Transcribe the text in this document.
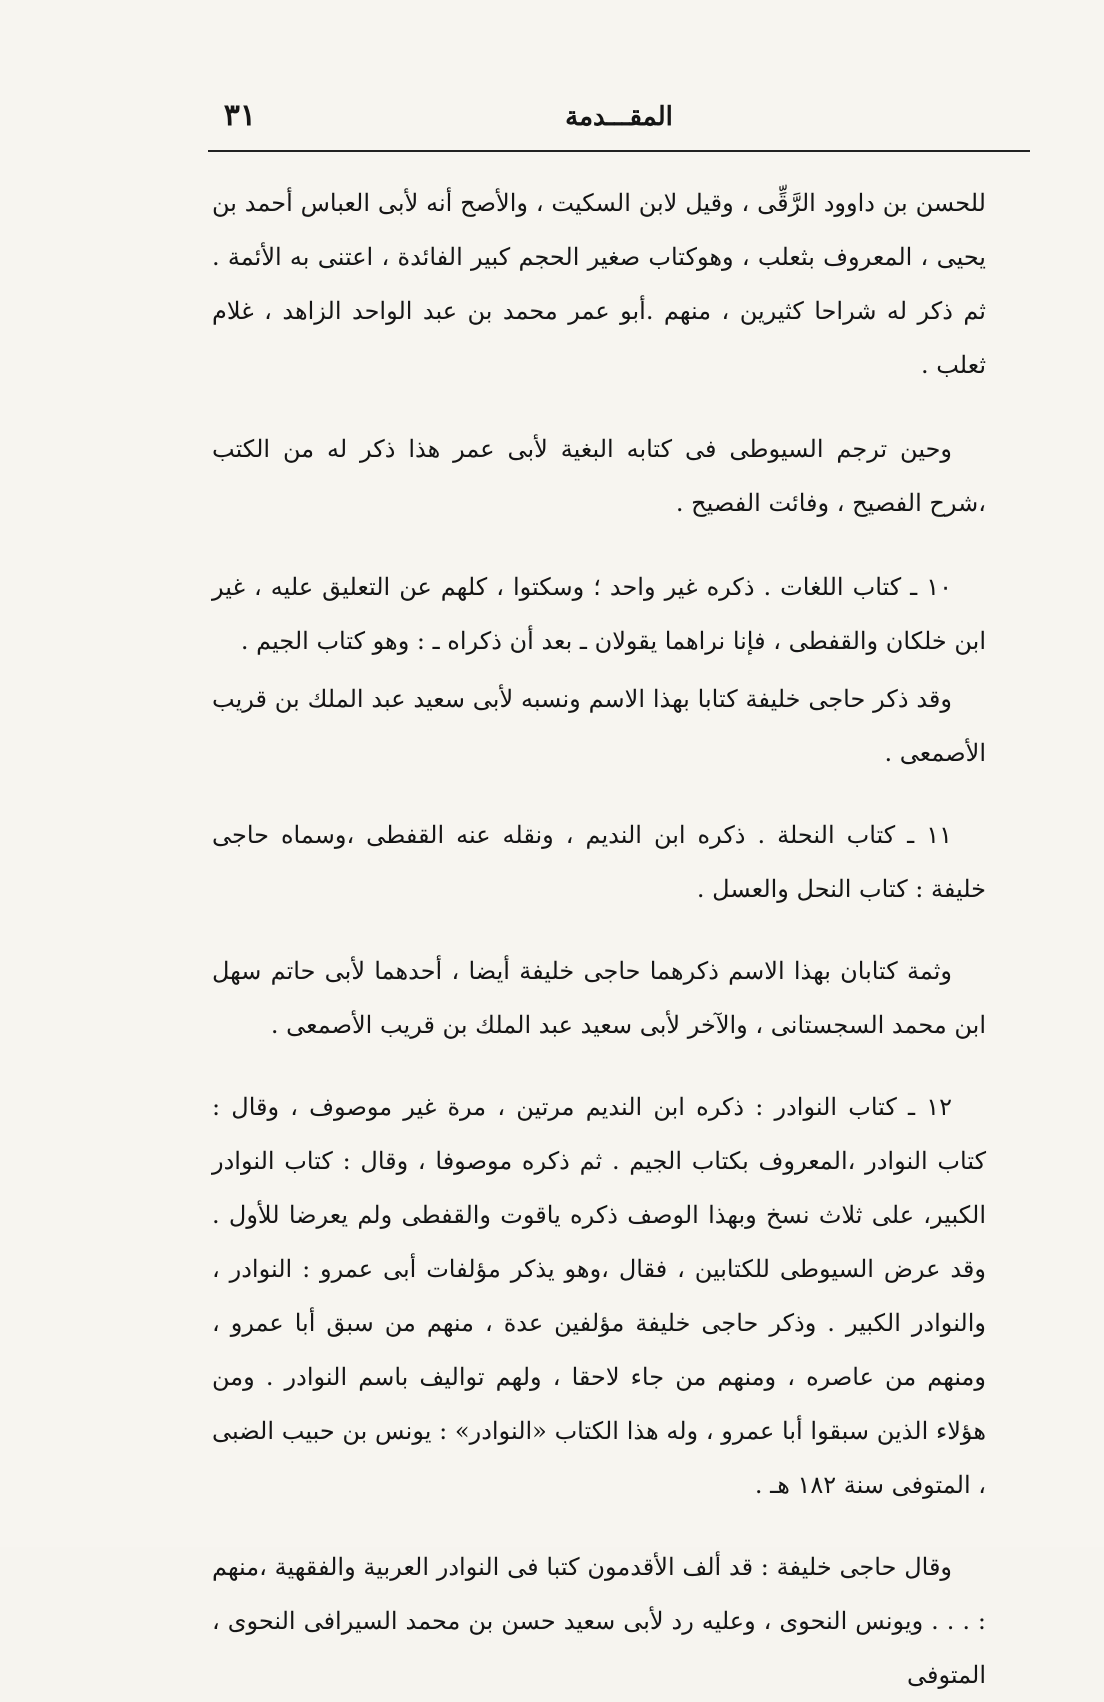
٣١	المقـــدمة

للحسن بن داوود الرَّقِّى ، وقيل لابن السكيت ، والأصح أنه لأبى العباس أحمد بن يحيى ، المعروف بثعلب ، وهوكتاب صغير الحجم كبير الفائدة ، اعتنى به الأئمة . ثم ذكر له شراحا كثيرين ، منهم .أبو عمر محمد بن عبد الواحد الزاهد ، غلام ثعلب .

وحين ترجم السيوطى فى كتابه البغية لأبى عمر هذا ذكر له من الكتب ،شرح الفصيح ، وفائت الفصيح .

١٠ ـ كتاب اللغات . ذكره غير واحد ؛ وسكتوا ، كلهم عن التعليق عليه ، غير ابن خلكان والقفطى ، فإنا نراهما يقولان ـ بعد أن ذكراه ـ : وهو كتاب الجيم .

وقد ذكر حاجى خليفة كتابا بهذا الاسم ونسبه لأبى سعيد عبد الملك بن قريب الأصمعى .

١١ ـ كتاب النحلة . ذكره ابن النديم ، ونقله عنه القفطى ،وسماه حاجى خليفة : كتاب النحل والعسل .

وثمة كتابان بهذا الاسم ذكرهما حاجى خليفة أيضا ، أحدهما لأبى حاتم سهل ابن محمد السجستانى ، والآخر لأبى سعيد عبد الملك بن قريب الأصمعى .

١٢ ـ كتاب النوادر : ذكره ابن النديم مرتين ، مرة غير موصوف ، وقال : كتاب النوادر ،المعروف بكتاب الجيم . ثم ذكره موصوفا ، وقال : كتاب النوادر الكبير، على ثلاث نسخ وبهذا الوصف ذكره ياقوت والقفطى ولم يعرضا للأول . وقد عرض السيوطى للكتابين ، فقال ،وهو يذكر مؤلفات أبى عمرو : النوادر ، والنوادر الكبير . وذكر حاجى خليفة مؤلفين عدة ، منهم من سبق أبا عمرو ، ومنهم من عاصره ، ومنهم من جاء لاحقا ، ولهم تواليف باسم النوادر . ومن هؤلاء الذين سبقوا أبا عمرو ، وله هذا الكتاب «النوادر» : يونس بن حبيب الضبى ، المتوفى سنة ١٨٢ هـ .

وقال حاجى خليفة : قد ألف الأقدمون كتبا فى النوادر العربية والفقهية ،منهم : . . . ويونس النحوى ، وعليه رد لأبى سعيد حسن بن محمد السيرافى النحوى ، المتوفى
